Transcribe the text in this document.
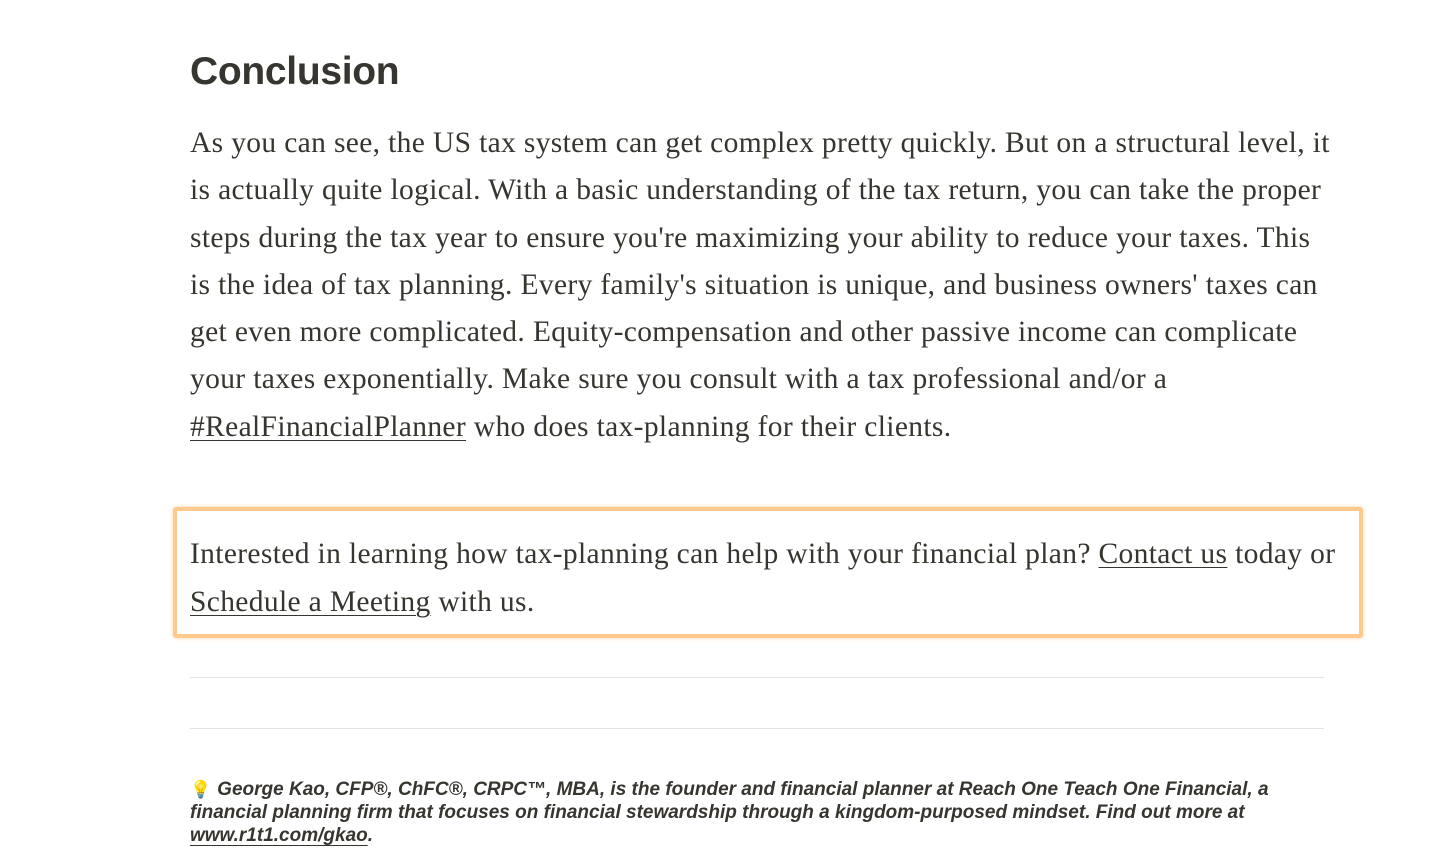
Conclusion

As you can see, the US tax system can get complex pretty quickly. But on a structural level, it is actually quite logical. With a basic understanding of the tax return, you can take the proper steps during the tax year to ensure you're maximizing your ability to reduce your taxes. This is the idea of tax planning. Every family's situation is unique, and business owners' taxes can get even more complicated. Equity-compensation and other passive income can complicate your taxes exponentially. Make sure you consult with a tax professional and/or a #RealFinancialPlanner who does tax-planning for their clients.

Interested in learning how tax-planning can help with your financial plan? Contact us today or Schedule a Meeting with us.

💡 George Kao, CFP®, ChFC®, CRPC™, MBA, is the founder and financial planner at Reach One Teach One Financial, a financial planning firm that focuses on financial stewardship through a kingdom-purposed mindset. Find out more at www.r1t1.com/gkao.
